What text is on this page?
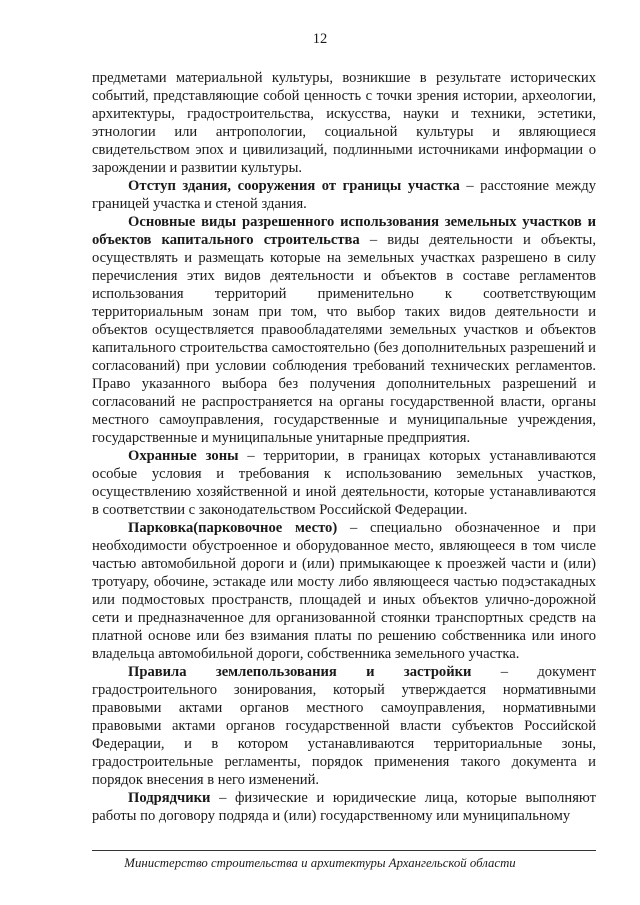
12

предметами материальной культуры, возникшие в результате исторических событий, представляющие собой ценность с точки зрения истории, археологии, архитектуры, градостроительства, искусства, науки и техники, эстетики, этнологии или антропологии, социальной культуры и являющиеся свидетельством эпох и цивилизаций, подлинными источниками информации о зарождении и развитии культуры.

Отступ здания, сооружения от границы участка – расстояние между границей участка и стеной здания.

Основные виды разрешенного использования земельных участков и объектов капитального строительства – виды деятельности и объекты, осуществлять и размещать которые на земельных участках разрешено в силу перечисления этих видов деятельности и объектов в составе регламентов использования территорий применительно к соответствующим территориальным зонам при том, что выбор таких видов деятельности и объектов осуществляется правообладателями земельных участков и объектов капитального строительства самостоятельно (без дополнительных разрешений и согласований) при условии соблюдения требований технических регламентов. Право указанного выбора без получения дополнительных разрешений и согласований не распространяется на органы государственной власти, органы местного самоуправления, государственные и муниципальные учреждения, государственные и муниципальные унитарные предприятия.

Охранные зоны – территории, в границах которых устанавливаются особые условия и требования к использованию земельных участков, осуществлению хозяйственной и иной деятельности, которые устанавливаются в соответствии с законодательством Российской Федерации.

Парковка(парковочное место) – специально обозначенное и при необходимости обустроенное и оборудованное место, являющееся в том числе частью автомобильной дороги и (или) примыкающее к проезжей части и (или) тротуару, обочине, эстакаде или мосту либо являющееся частью подэстакадных или подмостовых пространств, площадей и иных объектов улично-дорожной сети и предназначенное для организованной стоянки транспортных средств на платной основе или без взимания платы по решению собственника или иного владельца автомобильной дороги, собственника земельного участка.

Правила землепользования и застройки – документ градостроительного зонирования, который утверждается нормативными правовыми актами органов местного самоуправления, нормативными правовыми актами органов государственной власти субъектов Российской Федерации, и в котором устанавливаются территориальные зоны, градостроительные регламенты, порядок применения такого документа и порядок внесения в него изменений.

Подрядчики – физические и юридические лица, которые выполняют работы по договору подряда и (или) государственному или муниципальному

Министерство строительства и архитектуры Архангельской области
